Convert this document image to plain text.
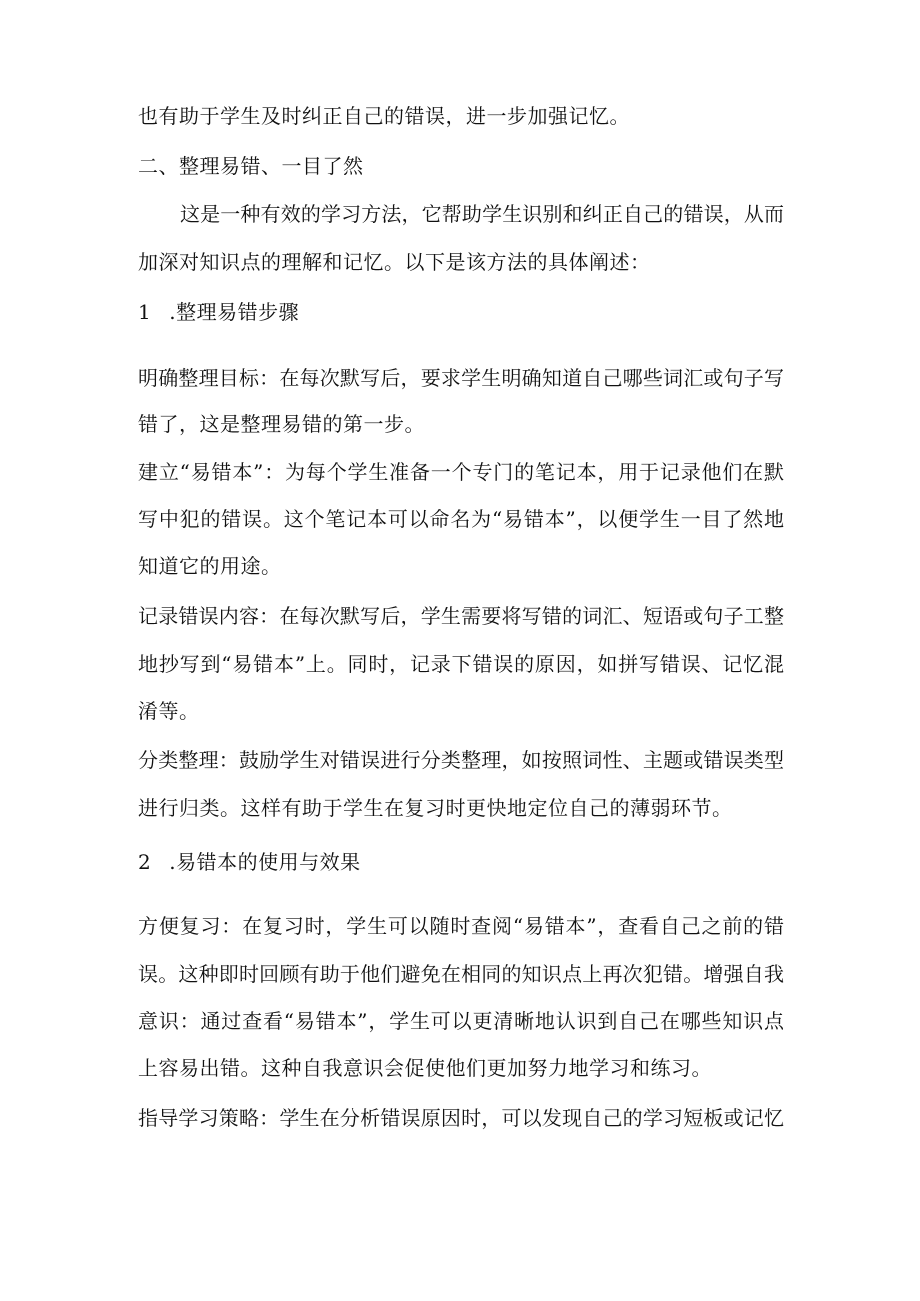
也有助于学生及时纠正自己的错误，进一步加强记忆。
二、整理易错、一目了然
这是一种有效的学习方法，它帮助学生识别和纠正自己的错误，从而
加深对知识点的理解和记忆。以下是该方法的具体阐述：
1 .整理易错步骤
明确整理目标：在每次默写后，要求学生明确知道自己哪些词汇或句子写
错了，这是整理易错的第一步。
建立“易错本”：为每个学生准备一个专门的笔记本，用于记录他们在默
写中犯的错误。这个笔记本可以命名为“易错本”，以便学生一目了然地
知道它的用途。
记录错误内容：在每次默写后，学生需要将写错的词汇、短语或句子工整
地抄写到“易错本”上。同时，记录下错误的原因，如拼写错误、记忆混
淆等。
分类整理：鼓励学生对错误进行分类整理，如按照词性、主题或错误类型
进行归类。这样有助于学生在复习时更快地定位自己的薄弱环节。
2 .易错本的使用与效果
方便复习：在复习时，学生可以随时查阅“易错本”，查看自己之前的错
误。这种即时回顾有助于他们避免在相同的知识点上再次犯错。增强自我
意识：通过查看“易错本”，学生可以更清晰地认识到自己在哪些知识点
上容易出错。这种自我意识会促使他们更加努力地学习和练习。
指导学习策略：学生在分析错误原因时，可以发现自己的学习短板或记忆
